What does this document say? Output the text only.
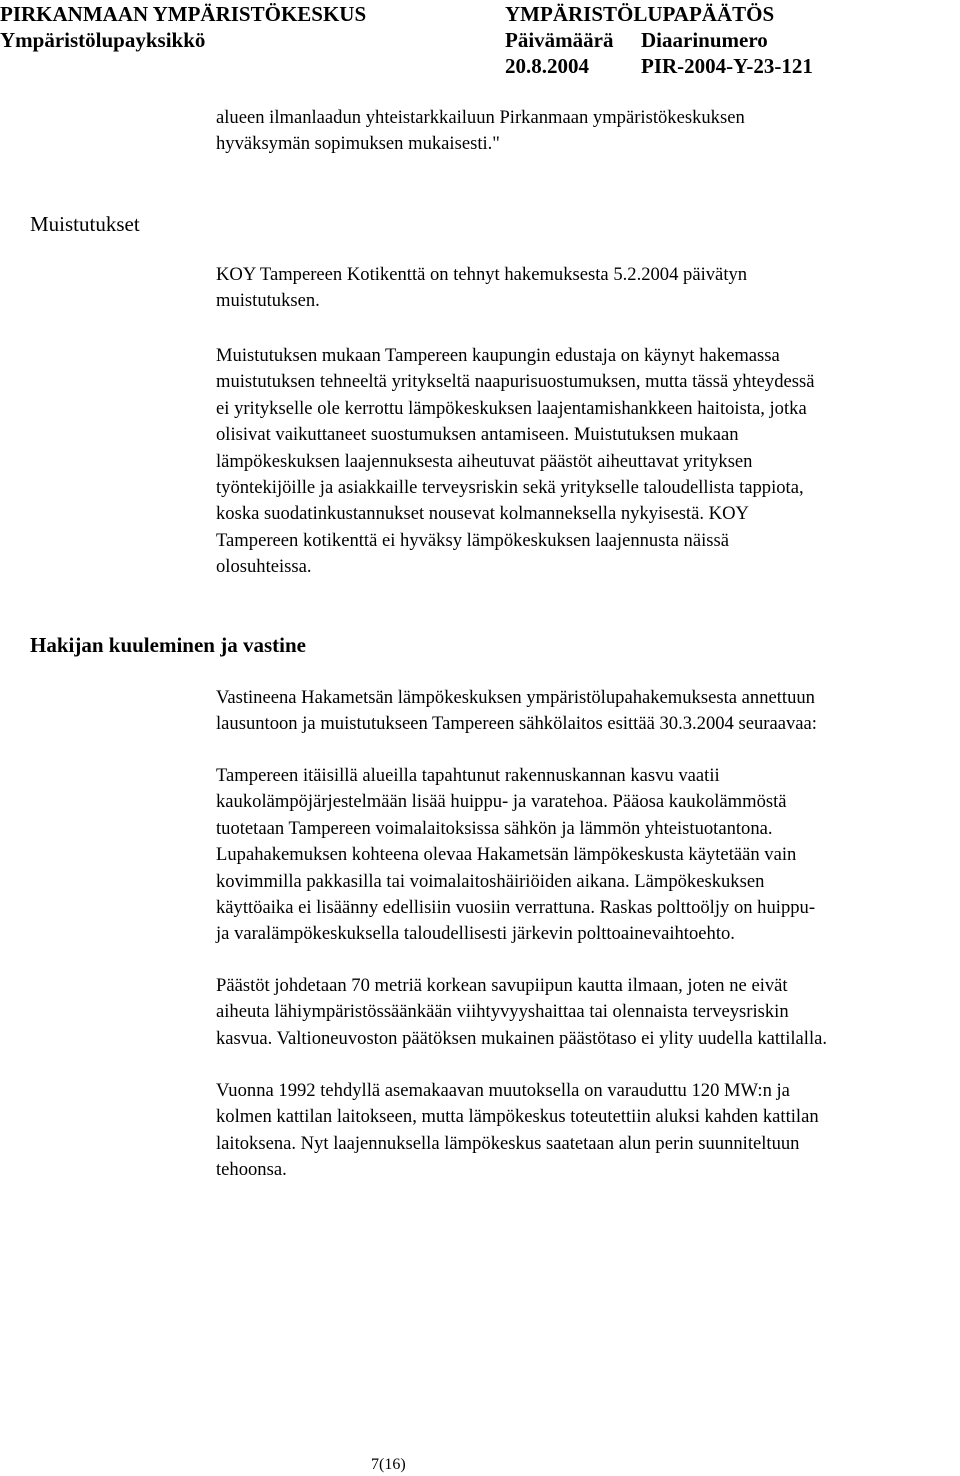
PIRKANMAAN YMPÄRISTÖKESKUS
Ympäristölupayksikkö
YMPÄRISTÖLUPAPÄÄTÖS
Päivämäärä Diaarinumero
20.8.2004 PIR-2004-Y-23-121
alueen ilmanlaadun yhteistarkkailuun Pirkanmaan ympäristökeskuksen
hyväksymän sopimuksen mukaisesti."
Muistutukset
KOY Tampereen Kotikenttä on tehnyt hakemuksesta 5.2.2004 päivätyn
muistutuksen.
Muistutuksen mukaan Tampereen kaupungin edustaja on käynyt hakemassa
muistutuksen tehneeltä yritykseltä naapurisuostumuksen, mutta tässä yhteydessä
ei yritykselle ole kerrottu lämpökeskuksen laajentamishankkeen haitoista, jotka
olisivat vaikuttaneet suostumuksen antamiseen. Muistutuksen mukaan
lämpökeskuksen laajennuksesta aiheutuvat päästöt aiheuttavat yrityksen
työntekijöille ja asiakkaille terveysriskin sekä yritykselle taloudellista tappiota,
koska suodatinkustannukset nousevat kolmanneksella nykyisestä. KOY
Tampereen kotikenttä ei hyväksy lämpökeskuksen laajennusta näissä
olosuhteissa.
Hakijan kuuleminen ja vastine
Vastineena Hakametsän lämpökeskuksen ympäristölupahakemuksesta annettuun
lausuntoon ja muistutukseen Tampereen sähkölaitos esittää 30.3.2004 seuraavaa:
Tampereen itäisillä alueilla tapahtunut rakennuskannan kasvu vaatii
kaukolämpöjärjestelmään lisää huippu- ja varatehoa. Pääosa kaukolämmöstä
tuotetaan Tampereen voimalaitoksissa sähkön ja lämmön yhteistuotantona.
Lupahakemuksen kohteena olevaa Hakametsän lämpökeskusta käytetään vain
kovimmilla pakkasilla tai voimalaitoshäiriöiden aikana. Lämpökeskuksen
käyttöaika ei lisäänny edellisiin vuosiin verrattuna. Raskas polttoöljy on huippu-
ja varalämpökeskuksella taloudellisesti järkevin polttoainevaihtoehto.
Päästöt johdetaan 70 metriä korkean savupiipun kautta ilmaan, joten ne eivät
aiheuta lähiympäristössäänkään viihtyvyyshaittaa tai olennaista terveysriskin
kasvua. Valtioneuvoston päätöksen mukainen päästötaso ei ylity uudella kattilalla.
Vuonna 1992 tehdyllä asemakaavan muutoksella on varauduttu 120 MW:n ja
kolmen kattilan laitokseen, mutta lämpökeskus toteutettiin aluksi kahden kattilan
laitoksena. Nyt laajennuksella lämpökeskus saatetaan alun perin suunniteltuun
tehoonsa.
7(16)
